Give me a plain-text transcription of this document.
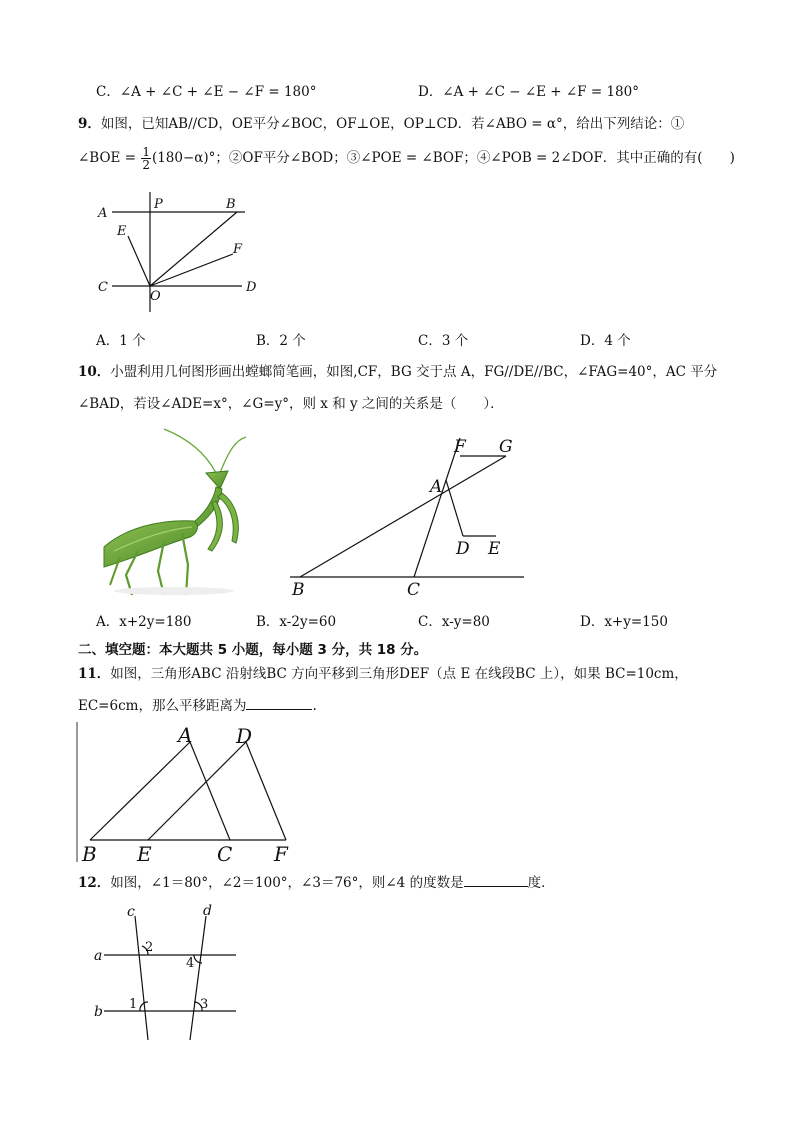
C．∠A + ∠C + ∠E − ∠F = 180°	D．∠A + ∠C − ∠E + ∠F = 180°
9．如图，已知AB//CD，OE平分∠BOC，OF⊥OE，OP⊥CD．若∠ABO = α°，给出下列结论：①
∠BOE = $\frac{1}{2} (180-\alpha)^\circ$；②OF平分∠BOD；③∠POE = ∠BOF；④∠POB = 2∠DOF．其中正确的有(　　)
A
P	B
E
F
C
O
D
A．1 个	B．2 个	C．3 个	D．4 个
10．小盟利用几何图形画出螳螂简笔画，如图,CF，BG 交于点 A，FG//DE//BC，∠FAG=40°，AC 平分
∠BAD，若设∠ADE=x°，∠G=y°，则 x 和 y 之间的关系是（　　）．
F G
A
D E
B	C
A．x+2y=180	B．x-2y=60	C．x-y=80	D．x+y=150
二、填空题：本大题共 5 小题，每小题 3 分，共 18 分。
11．如图，三角形ABC 沿射线BC 方向平移到三角形DEF（点 E 在线段BC 上），如果 BC=10cm，
EC=6cm，那么平移距离为	.
A D
B E	C F
12．如图，∠1＝80°，∠2＝100°，∠3＝76°，则∠4 的度数是	度．
c	d
a
b
2
4
1	3
